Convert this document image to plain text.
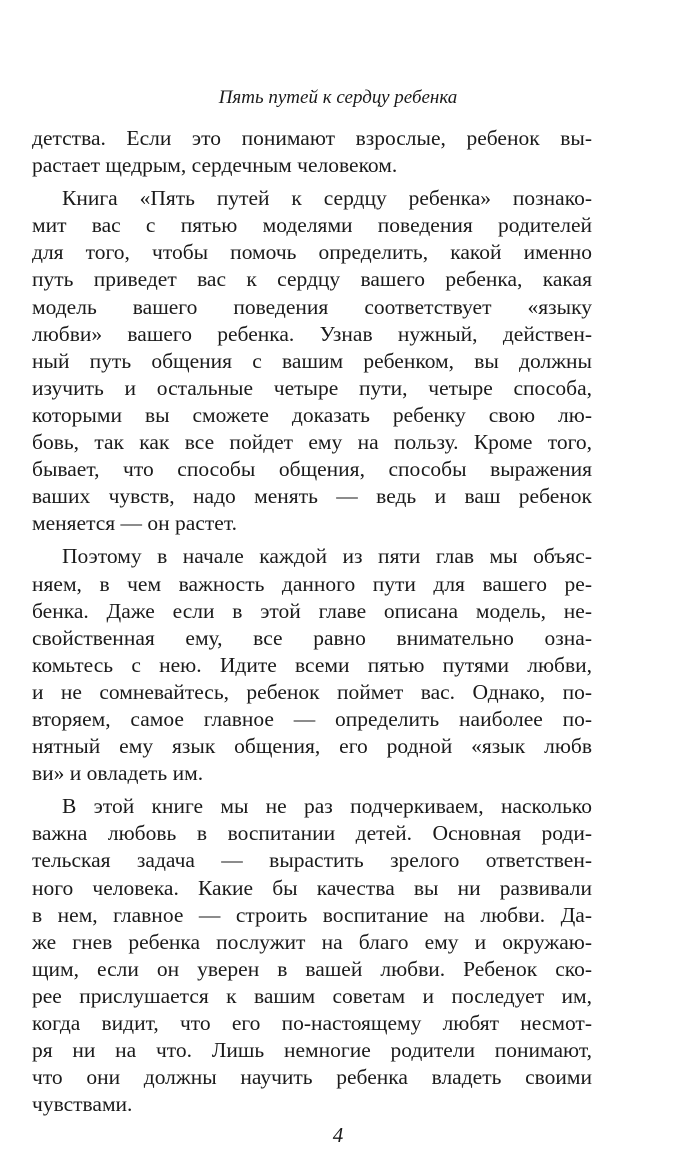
Пять путей к сердцу ребенка
детства. Если это понимают взрослые, ребенок вы-
растает щедрым, сердечным человеком.
Книга «Пять путей к сердцу ребенка» познако-
мит вас с пятью моделями поведения родителей
для того, чтобы помочь определить, какой именно
путь приведет вас к сердцу вашего ребенка, какая
модель вашего поведения соответствует «языку
любви» вашего ребенка. Узнав нужный, действен-
ный путь общения с вашим ребенком, вы должны
изучить и остальные четыре пути, четыре способа,
которыми вы сможете доказать ребенку свою лю-
бовь, так как все пойдет ему на пользу. Кроме того,
бывает, что способы общения, способы выражения
ваших чувств, надо менять — ведь и ваш ребенок
меняется — он растет.
Поэтому в начале каждой из пяти глав мы объяс-
няем, в чем важность данного пути для вашего ре-
бенка. Даже если в этой главе описана модель, не-
свойственная ему, все равно внимательно озна-
комьтесь с нею. Идите всеми пятью путями любви,
и не сомневайтесь, ребенок поймет вас. Однако, по-
вторяем, самое главное — определить наиболее по-
нятный ему язык общения, его родной «язык любв
ви» и овладеть им.
В этой книге мы не раз подчеркиваем, насколько
важна любовь в воспитании детей. Основная роди-
тельская задача — вырастить зрелого ответствен-
ного человека. Какие бы качества вы ни развивали
в нем, главное — строить воспитание на любви. Да-
же гнев ребенка послужит на благо ему и окружаю-
щим, если он уверен в вашей любви. Ребенок ско-
рее прислушается к вашим советам и последует им,
когда видит, что его по-настоящему любят несмот-
ря ни на что. Лишь немногие родители понимают,
что они должны научить ребенка владеть своими
чувствами.
4
